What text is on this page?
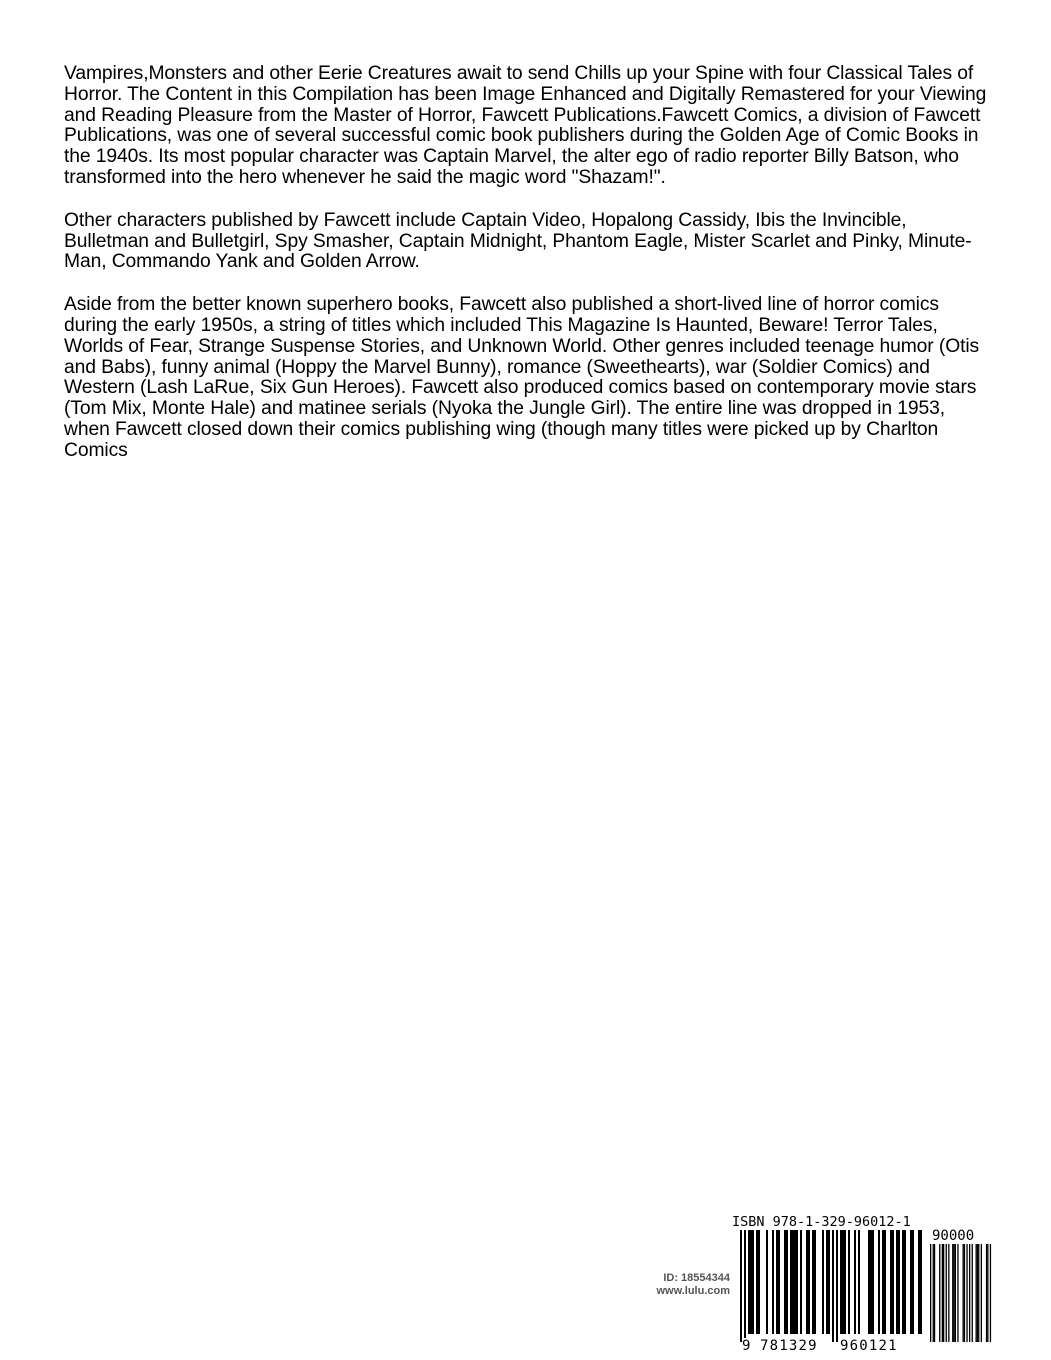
Vampires,Monsters and other Eerie Creatures await to send Chills up your Spine with four Classical Tales of Horror. The Content in this Compilation has been Image Enhanced and Digitally Remastered for your Viewing and Reading Pleasure from the Master of Horror, Fawcett Publications.Fawcett Comics, a division of Fawcett Publications, was one of several successful comic book publishers during the Golden Age of Comic Books in the 1940s. Its most popular character was Captain Marvel, the alter ego of radio reporter Billy Batson, who transformed into the hero whenever he said the magic word "Shazam!".

Other characters published by Fawcett include Captain Video, Hopalong Cassidy, Ibis the Invincible, Bulletman and Bulletgirl, Spy Smasher, Captain Midnight, Phantom Eagle, Mister Scarlet and Pinky, Minute-Man, Commando Yank and Golden Arrow.

Aside from the better known superhero books, Fawcett also published a short-lived line of horror comics during the early 1950s, a string of titles which included This Magazine Is Haunted, Beware! Terror Tales, Worlds of Fear, Strange Suspense Stories, and Unknown World. Other genres included teenage humor (Otis and Babs), funny animal (Hoppy the Marvel Bunny), romance (Sweethearts), war (Soldier Comics) and Western (Lash LaRue, Six Gun Heroes). Fawcett also produced comics based on contemporary movie stars (Tom Mix, Monte Hale) and matinee serials (Nyoka the Jungle Girl). The entire line was dropped in 1953, when Fawcett closed down their comics publishing wing (though many titles were picked up by Charlton Comics

ID: 18554344
www.lulu.com
ISBN 978-1-329-96012-1
90000
9 781329 960121
